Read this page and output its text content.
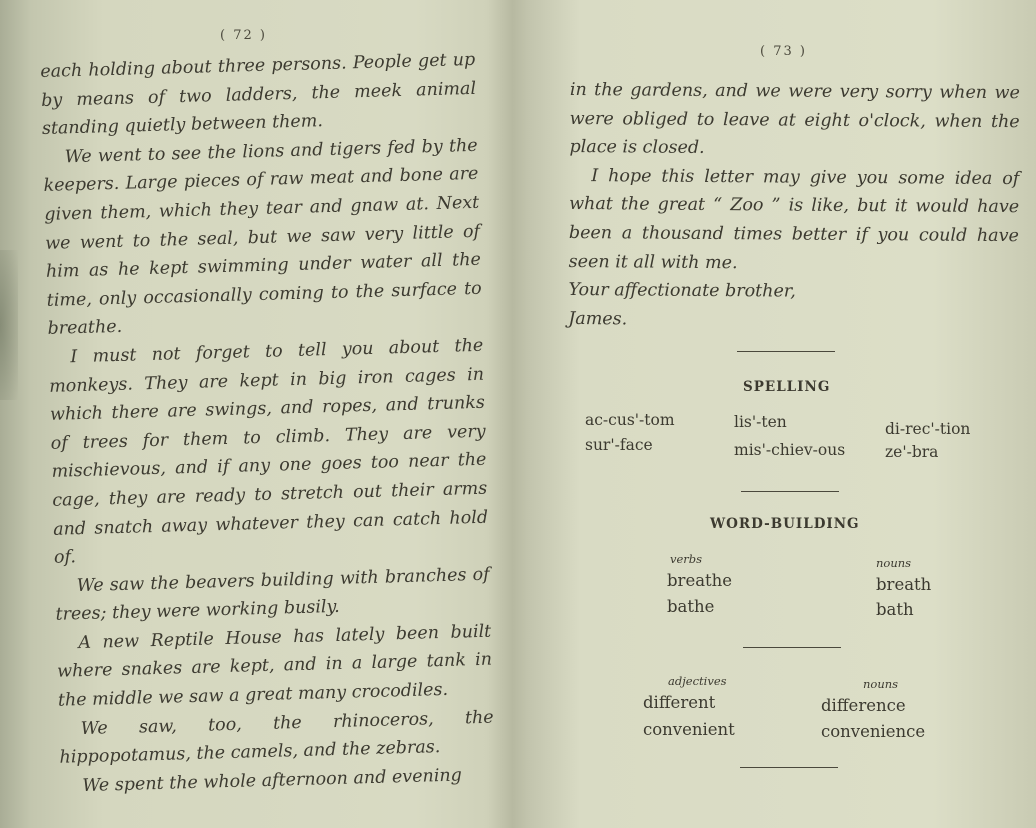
( 72 )

each holding about three persons. People get up by means of two ladders, the meek animal standing quietly between them.

We went to see the lions and tigers fed by the keepers. Large pieces of raw meat and bone are given them, which they tear and gnaw at. Next we went to the seal, but we saw very little of him as he kept swimming under water all the time, only occasionally coming to the surface to breathe.

I must not forget to tell you about the monkeys. They are kept in big iron cages in which there are swings, and ropes, and trunks of trees for them to climb. They are very mischievous, and if any one goes too near the cage, they are ready to stretch out their arms and snatch away whatever they can catch hold of.

We saw the beavers building with branches of trees; they were working busily.

A new Reptile House has lately been built where snakes are kept, and in a large tank in the middle we saw a great many crocodiles.

We saw, too, the rhinoceros, the hippopotamus, the camels, and the zebras.

We spent the whole afternoon and evening

( 73 )

in the gardens, and we were very sorry when we were obliged to leave at eight o'clock, when the place is closed.

I hope this letter may give you some idea of what the great “ Zoo ” is like, but it would have been a thousand times better if you could have seen it all with me.

Your affectionate brother,

James.

SPELLING
ac-cus'-tom	lis'-ten	di-rec'-tion
sur'-face	mis'-chiev-ous	ze'-bra
WORD-BUILDING
verbs	nouns
breathe	breath
bathe	bath
adjectives	nouns
different	difference
convenient	convenience
